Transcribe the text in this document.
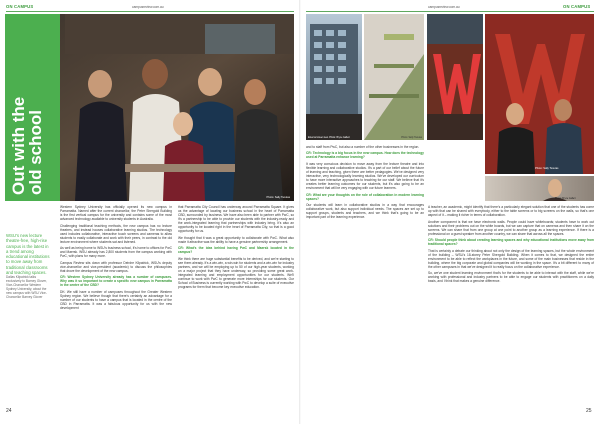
ON CAMPUS	campusreview.com.au	campusreview.com.au	ON CAMPUS
Photo: Sally Tsoutas
Out with the
old school
WSU's new lecture theatre-free, high-rise campus is the latest in a trend among educational institutions to move away from traditional classrooms and teaching spaces.
Dallas Kilpatrick talks exclusively to Barney Glover, Vice-Chancellor Western Sydney University, about the new campus with WSU Vice-Chancellor Barney Glover

Western Sydney University has officially opened its new campus in Parramatta. Named after the current chancellor, the Peter Shergold Building is the first vertical campus for the university and contains some of the most advanced technology available to university students in Australia.

Challenging traditional teaching methods, the new campus has no lecture theatres, and instead houses collaborative learning studios. The technology used includes collaborative, interactive touch screens and cameras to allow students to easily collaborate and work with their peers, in contrast to the old lecture environment where students sat and listened.

As well as being home to WSU's business school, it's home to offices for PwC and Maersk. WSU already has 2,800 students from the campus working with PwC, with plans for many more.

Campus Review sits down with professor Deirdre Kilpatrick, WSU's deputy vice-chancellor and vice-president (academic) to discuss the philosophies that drove the development of the new campus.

CR: Western Sydney University already has a number of campuses. Why was it so important to create a specific new campus in Parramatta in the centre of the CBD?

DK: We still have a number of campuses throughout the Greater Western Sydney region. We believe though that there's certainly an advantage for a number of our students to have a campus that is located in the centre of the CBD in Parramatta. It was a fabulous opportunity for us with the new development

that Parramatta City Council has underway around Parramatta Square. It gives us the advantage of locating our business school in the heart of Parramatta CBD, surrounded by business. We have also been able to partner with PwC, so it's a partnership to be able to provide our students with the industry-ready and the work-integrated learning that partnerships with industry bring. It's also an opportunity to be located right in the heart of Parramatta City, so that is a good opportunity for us.

We thought that it was a great opportunity to collaborate with PwC. What also made it attractive was the ability to have a genuine partnership arrangement.

CR: What's the idea behind having PwC and Maersk located in the campus?

We think there are huge substantial benefits to be derived, and we're starting to see them already. It's a win-win, a win-win for students and a win-win for industry partners, and we will be employing up to 50 of our high-year students, working on a major project that they have underway, so providing some great work-integrated learning and employment opportunities for our students. We'll continue to work with PwC to generate more internships for our students. Our School of Business is currently working with PwC to develop a suite of executive programs for them that become key executive education.

24
External street view. Photo: Bryce Gallert	Photo: Sally Tsoutas
Photo: Sally Tsoutas
Photo: Bryce Gallert

and to staff from PwC, but also a number of the other businesses in the region.

CR: Technology is a big focus in the new campus. How does the technology used at Parramatta enhance learning?

It was very conscious decision to move away from the lecture theatre and into flexible learning and collaborative studios. It's a part of our belief about the future of learning and teaching, given there are better pedagogies. We've designed very interactive, very technologically learning studios. We've developed our curriculum to have more interactive approaches to teaching for our staff. We believe that it's creates better learning outcomes for our students, but it's also going to be an environment that will be very engaging with our future learners.

CR: What are your thoughts on the role of collaboration in modern learning spaces?

Our students will learn in collaborative studios in a way that encourages collaborative work, but also support individual needs. The spaces are set up to support groups, students and teachers, and we think that's going to be an important part of the learning experience.

A teacher, an academic, might identify that there's a particularly elegant solution that one of the students has come up with that can be shared with everybody, either to the table screens or to big screens on the walls, so that's one aspect of it – making it richer in terms of collaboration.

Another component is that we have electronic walls. People could have whiteboards; students have to work out solutions and their problems out on the white boards, but we can capture that on cameras and then share it on the screens. We can share that from one group at one point to another group as a learning experience. If there is a professional on a guest speaker from another country, we can share that across all the spaces.

CR: Should people think about creating learning spaces and why educational institutions move away from traditional spaces?

That is certainly a debate our thinking about not only the design of the learning spaces, but the whole environment of the building – WSU's 18-storey Peter Shergold Building. When it comes to that, we designed the entire environment to be able to reflect the workplaces in the future, and some of the main businesses that reside in the building, where the big corporate and global companies will be working in the space. It's a bit different to many of the other campuses in that we've designed it to really focus on the collaborative experience.

So, we've one student learning environment that's for the students to be able to interact with the staff, while we're working with professional and industry partners to be able to engage our students with practitioners on a daily basis, and I think that makes a genuine difference.

25
